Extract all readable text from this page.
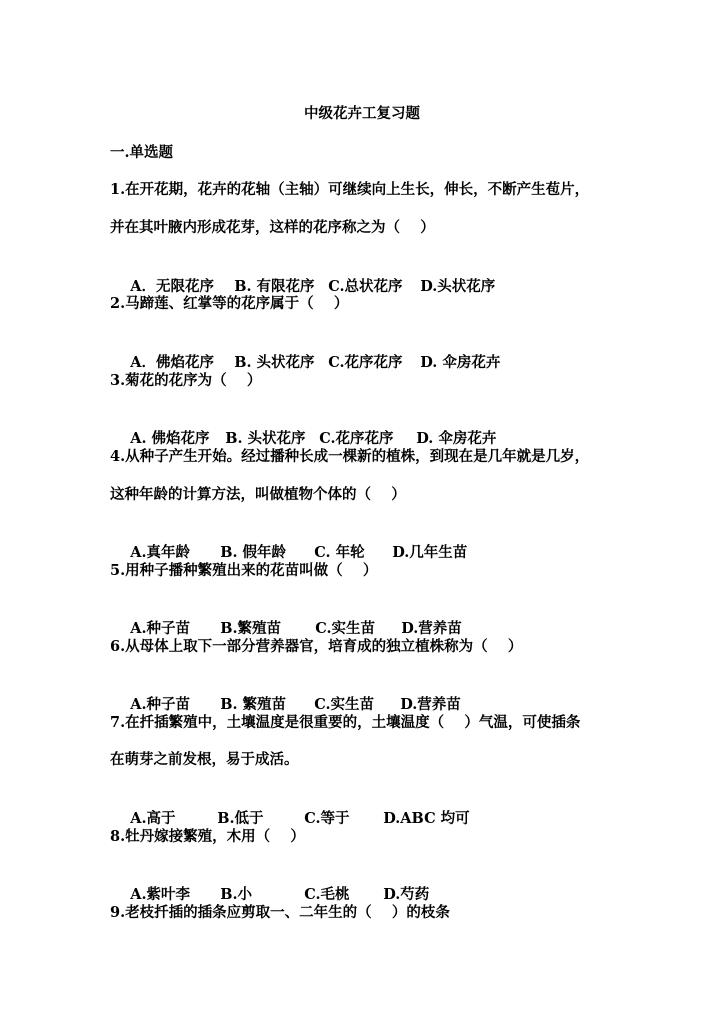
中级花卉工复习题
一.单选题
1.在开花期，花卉的花轴（主轴）可继续向上生长，伸长，不断产生苞片，
并在其叶腋内形成花芽，这样的花序称之为（    ）

A．无限花序 B. 有限花序 C.总状花序 D.头状花序

2.马蹄莲、红掌等的花序属于（    ）

A．佛焰花序 B. 头状花序 C.花序花序 D. 伞房花卉

3.菊花的花序为（    ）

A. 佛焰花序 B. 头状花序 C.花序花序 D. 伞房花卉

4.从种子产生开始。经过播种长成一棵新的植株，到现在是几年就是几岁，
这种年龄的计算方法，叫做植物个体的（    ）

A.真年龄 B. 假年龄 C. 年轮 D.几年生苗

5.用种子播种繁殖出来的花苗叫做（    ）

A.种子苗 B.繁殖苗 C.实生苗 D.营养苗

6.从母体上取下一部分营养器官，培育成的独立植株称为（    ）

A.种子苗 B. 繁殖苗 C.实生苗 D.营养苗

7.在扦插繁殖中，土壤温度是很重要的，土壤温度（    ）气温，可使插条
在萌芽之前发根，易于成活。

A.高于	B.低于	C.等于 D.ABC 均可

8.牡丹嫁接繁殖，木用（    ）

A.紫叶李 B.小	C.毛桃 D.芍药

9.老枝扦插的插条应剪取一、二年生的（    ）的枝条
